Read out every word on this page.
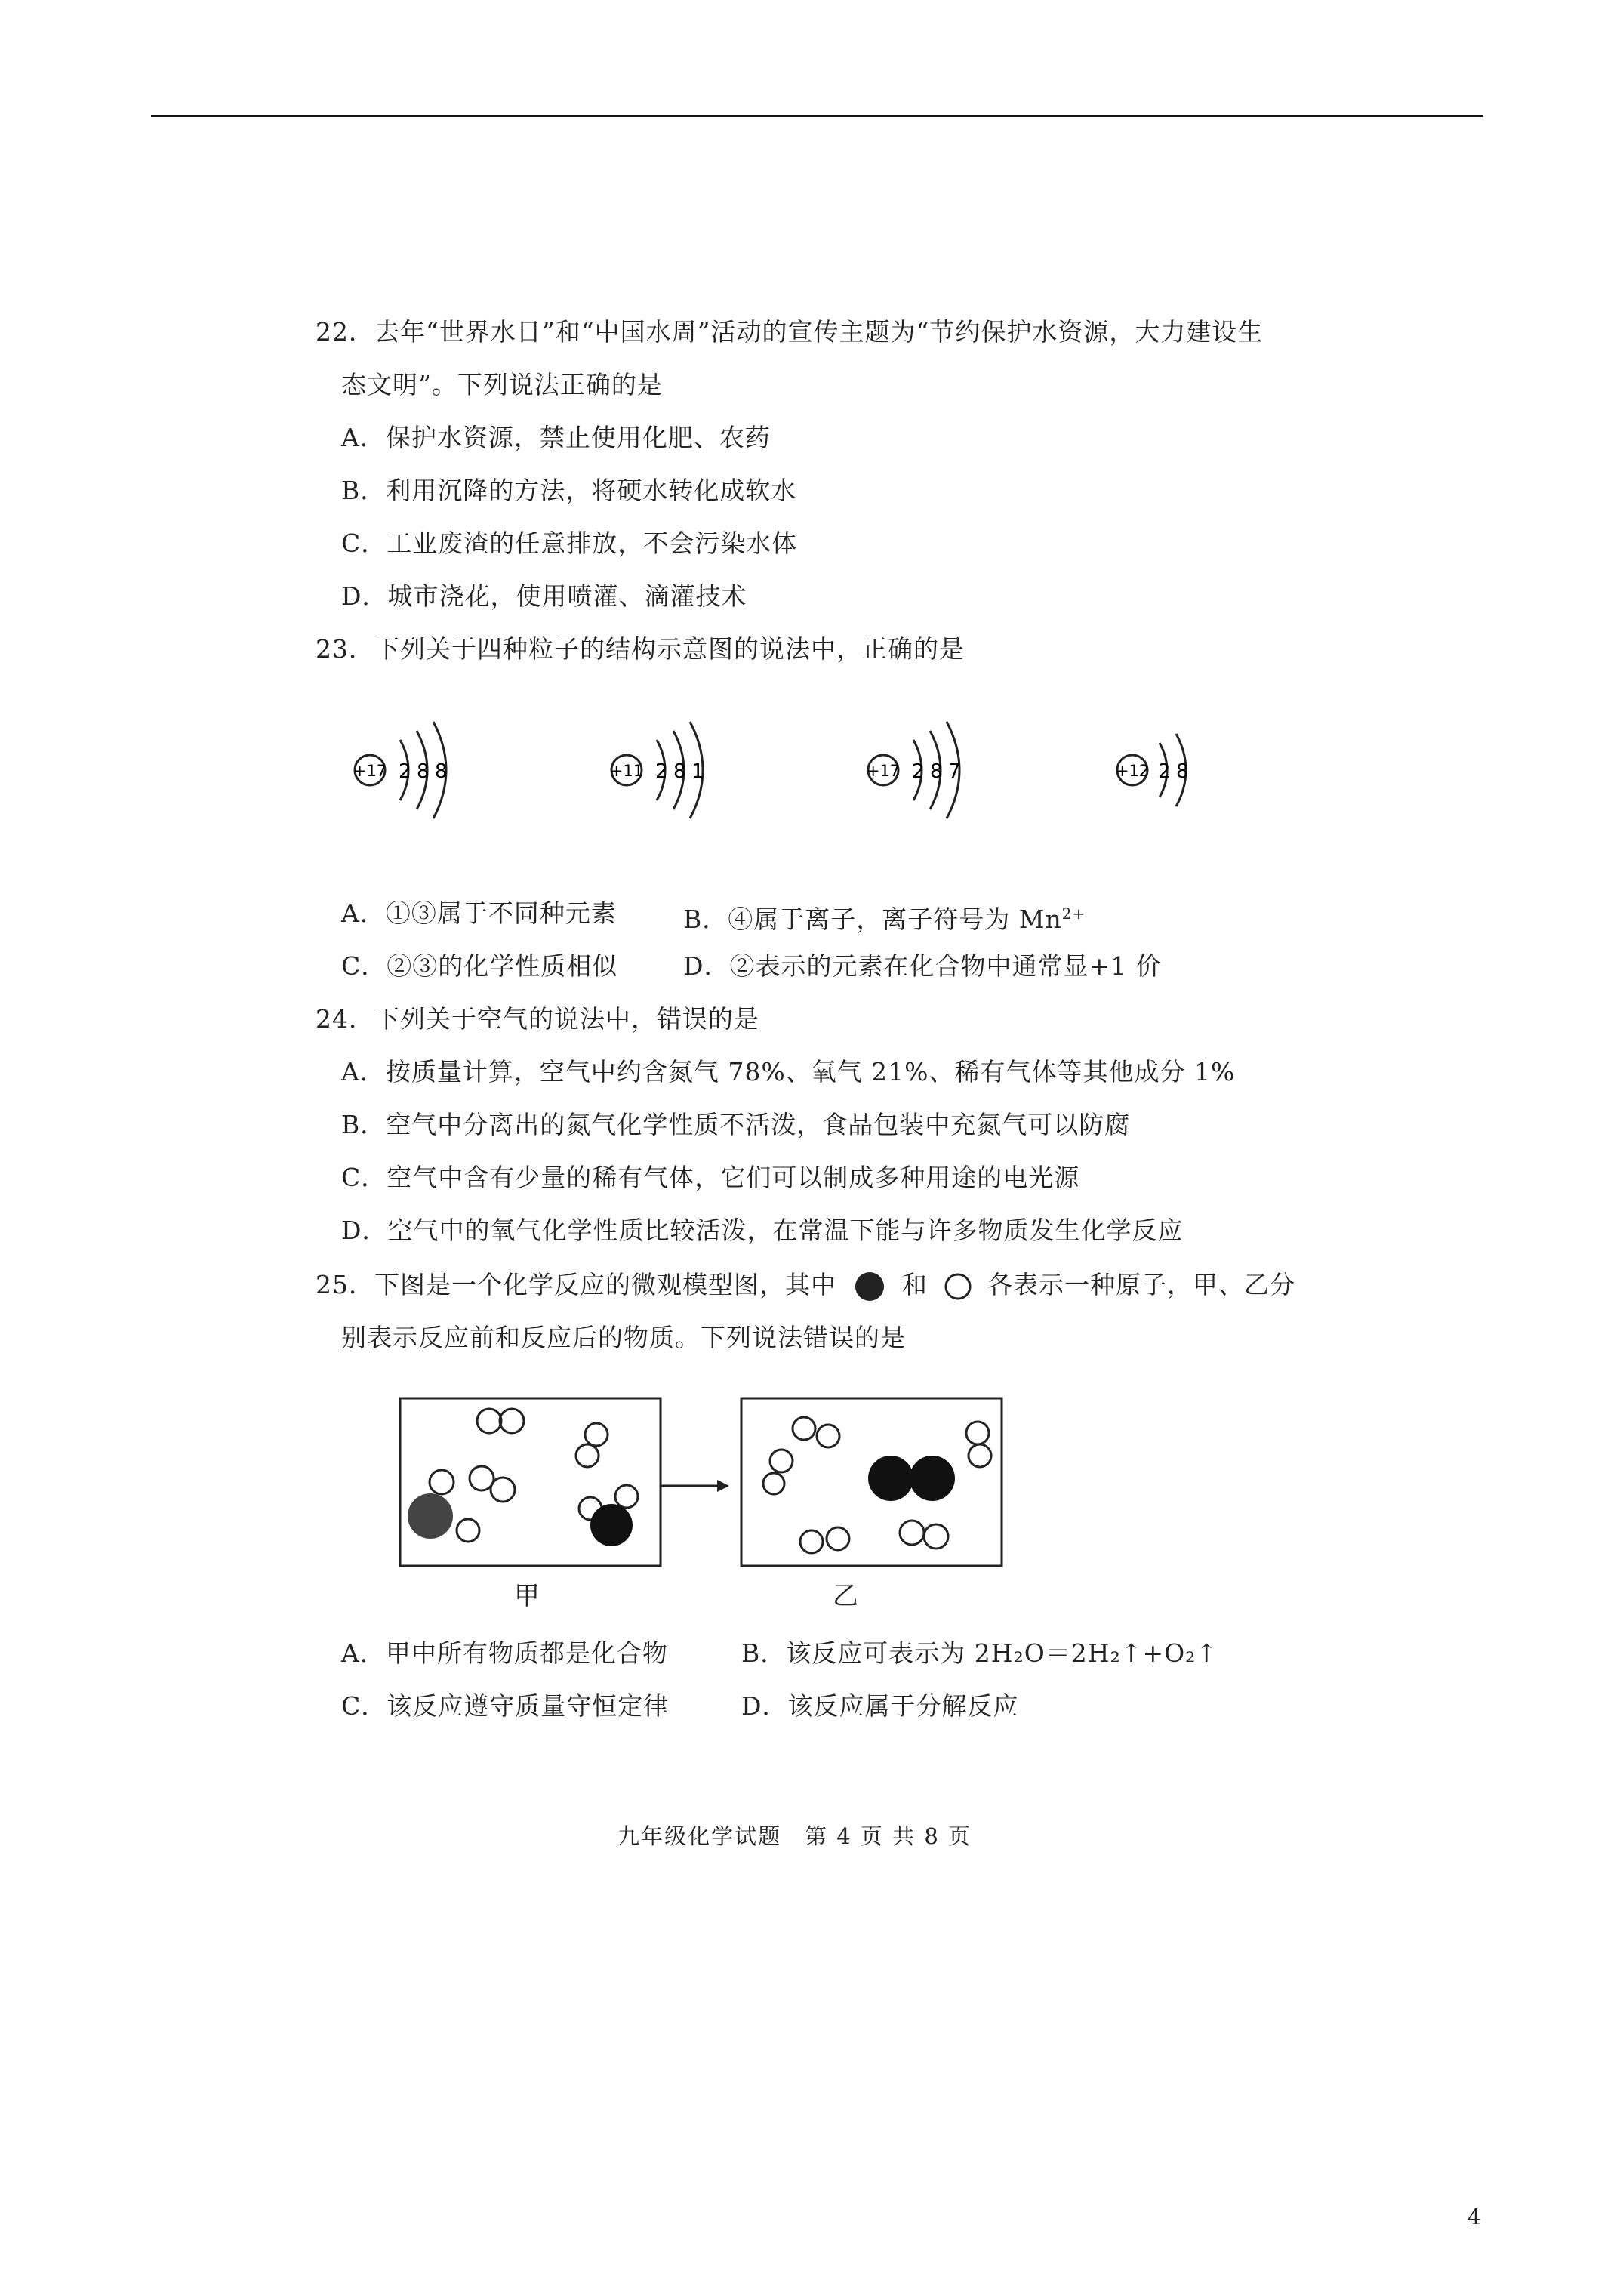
22．去年“世界水日”和“中国水周”活动的宣传主题为“节约保护水资源，大力建设生
态文明”。下列说法正确的是
A．保护水资源，禁止使用化肥、农药
B．利用沉降的方法，将硬水转化成软水
C．工业废渣的任意排放，不会污染水体
D．城市浇花，使用喷灌、滴灌技术
23．下列关于四种粒子的结构示意图的说法中，正确的是
+17 2 8 8	+11 2 8 1	+17 2 8 7	+12 2 8
A．①③属于不同种元素	B．④属于离子，离子符号为 $Mn^{2+}$
C．②③的化学性质相似	D．②表示的元素在化合物中通常显+1 价
24．下列关于空气的说法中，错误的是
A．按质量计算，空气中约含氮气 78%、氧气 21%、稀有气体等其他成分 1%
B．空气中分离出的氮气化学性质不活泼，食品包装中充氮气可以防腐
C．空气中含有少量的稀有气体，它们可以制成多种用途的电光源
D．空气中的氧气化学性质比较活泼，在常温下能与许多物质发生化学反应
25．下图是一个化学反应的微观模型图，其中	和 各表示一种原子，甲、乙分
别表示反应前和反应后的物质。下列说法错误的是
甲	乙
A．甲中所有物质都是化合物	B．该反应可表示为 2H₂O＝2H₂↑+O₂↑
C．该反应遵守质量守恒定律	D．该反应属于分解反应
九年级化学试题　第 4 页 共 8 页
4
